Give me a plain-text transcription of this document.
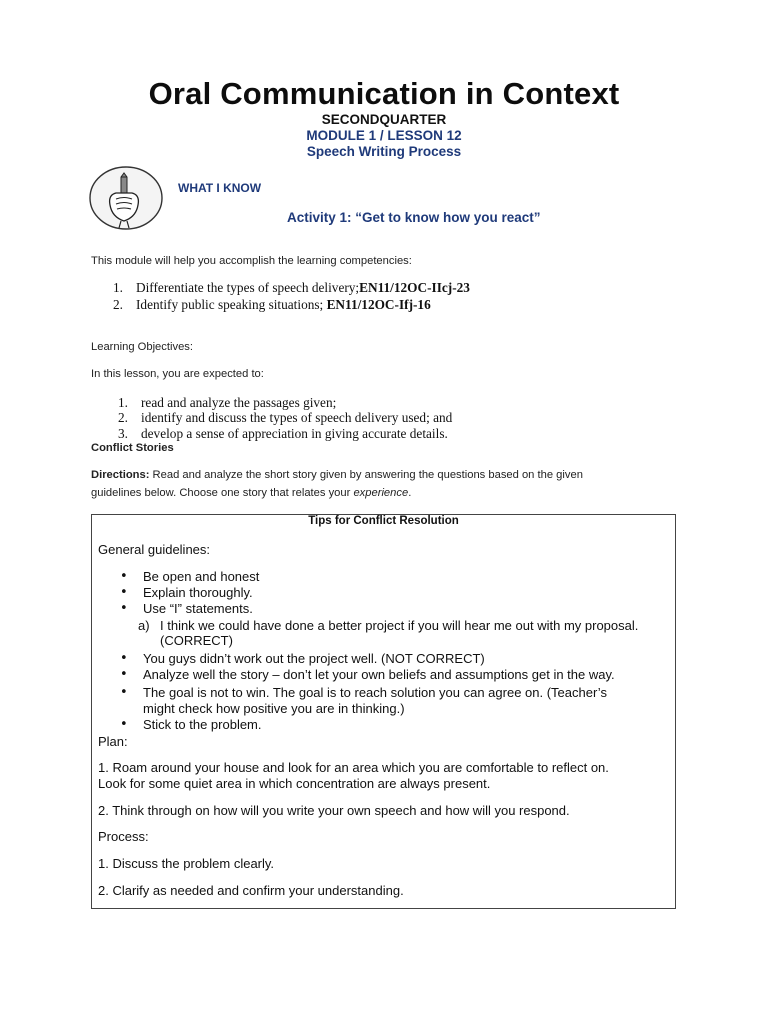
Oral Communication in Context
SECONDQUARTER
MODULE 1 / LESSON 12
Speech Writing Process
WHAT I KNOW
Activity 1: “Get to know how you react”
This module will help you accomplish the learning competencies:
1. Differentiate the types of speech delivery;EN11/12OC-IIcj-23
2. Identify public speaking situations; EN11/12OC-Ifj-16
Learning Objectives:
In this lesson, you are expected to:
1. read and analyze the passages given;
2. identify and discuss the types of speech delivery used; and
3. develop a sense of appreciation in giving accurate details.
Conflict Stories
Directions: Read and analyze the short story given by answering the questions based on the given
guidelines below. Choose one story that relates your experience.
Tips for Conflict Resolution
General guidelines:
• Be open and honest
• Explain thoroughly.
• Use “I” statements.
a) I think we could have done a better project if you will hear me out with my proposal.
(CORRECT)
• You guys didn’t work out the project well. (NOT CORRECT)
• Analyze well the story – don’t let your own beliefs and assumptions get in the way.
• The goal is not to win. The goal is to reach solution you can agree on. (Teacher’s
might check how positive you are in thinking.)
• Stick to the problem.
Plan:
1. Roam around your house and look for an area which you are comfortable to reflect on.
Look for some quiet area in which concentration are always present.
2. Think through on how will you write your own speech and how will you respond.
Process:
1. Discuss the problem clearly.
2. Clarify as needed and confirm your understanding.
